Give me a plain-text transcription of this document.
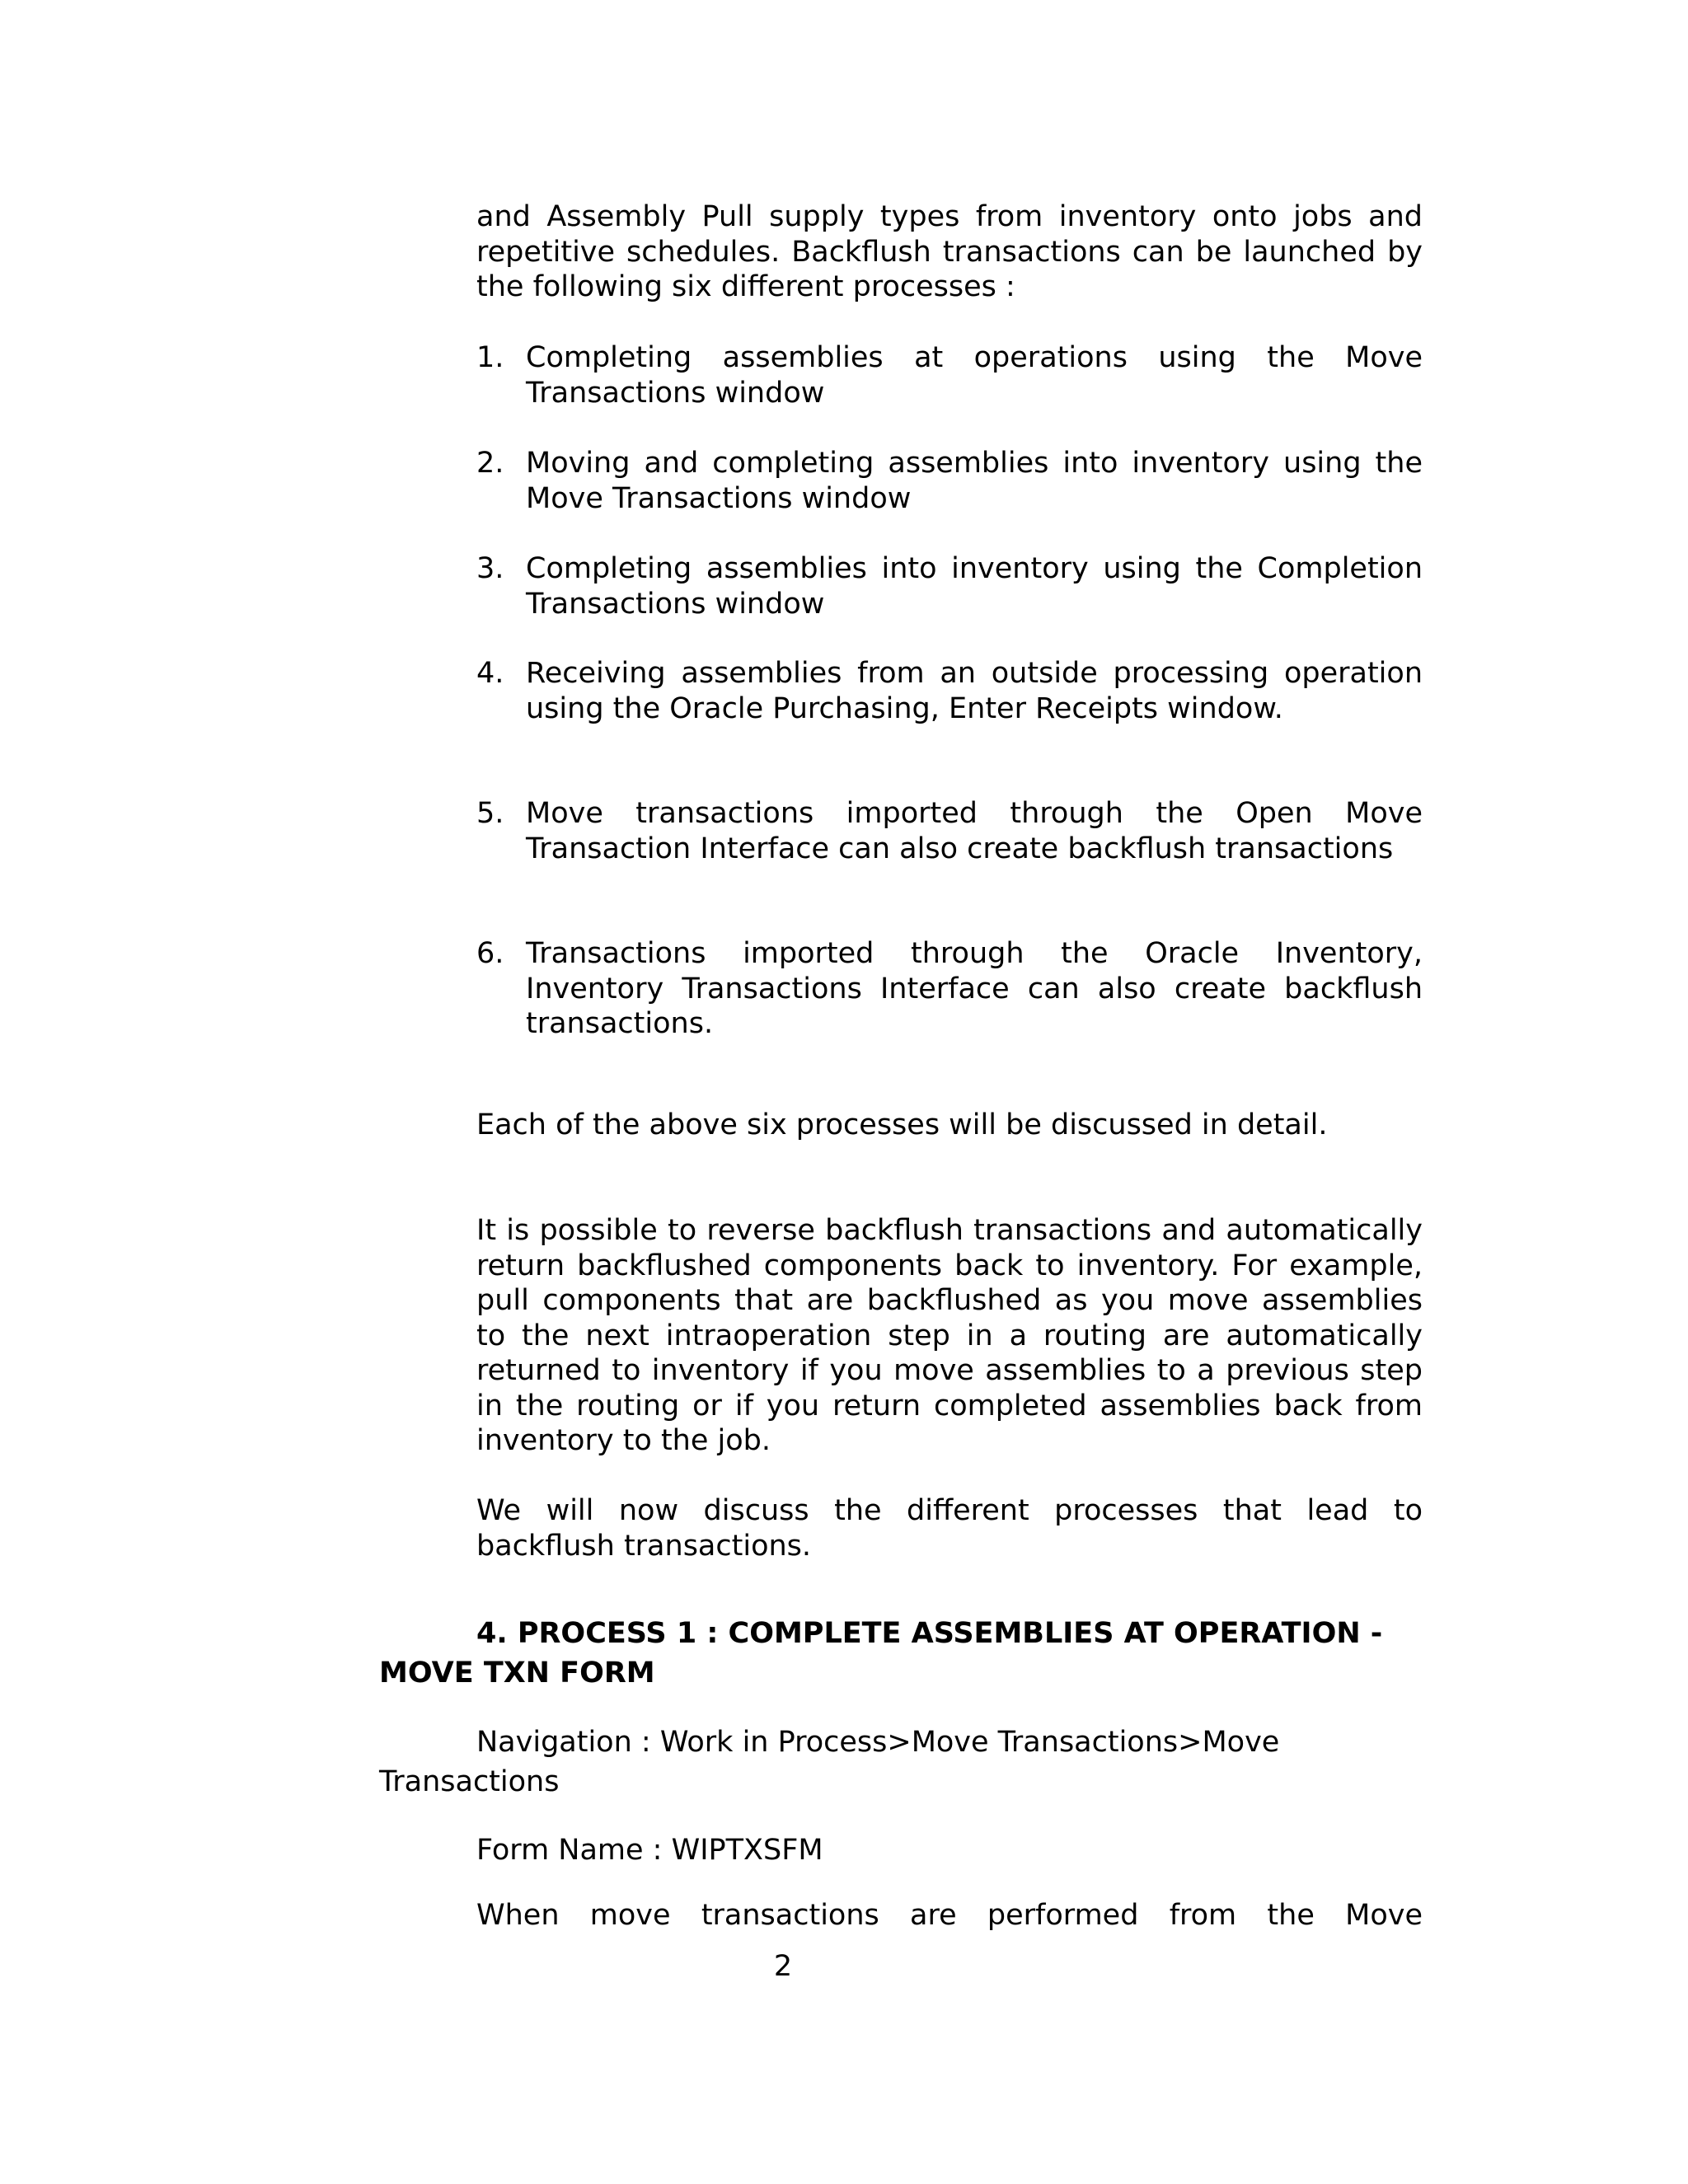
and Assembly Pull supply types from inventory onto jobs and repetitive schedules. Backflush transactions can be launched by the following six different processes :

1. Completing assemblies at operations using the Move Transactions window
2. Moving and completing assemblies into inventory using the Move Transactions window
3. Completing assemblies into inventory using the Completion Transactions window
4. Receiving assemblies from an outside processing operation using the Oracle Purchasing, Enter Receipts window.
5. Move transactions imported through the Open Move Transaction Interface can also create backflush transactions
6. Transactions imported through the Oracle Inventory, Inventory Transactions Interface can also create backflush transactions.

Each of the above six processes will be discussed in detail.

It is possible to reverse backflush transactions and automatically return backflushed components back to inventory. For example, pull components that are backflushed as you move assemblies to the next intraoperation step in a routing are automatically returned to inventory if you move assemblies to a previous step in the routing or if you return completed assemblies back from inventory to the job.

We will now discuss the different processes that lead to backflush transactions.

4. PROCESS 1 : COMPLETE ASSEMBLIES AT OPERATION - MOVE TXN FORM

Navigation : Work in Process>Move Transactions>Move Transactions

Form Name : WIPTXSFM

When move transactions are performed from the Move

2
